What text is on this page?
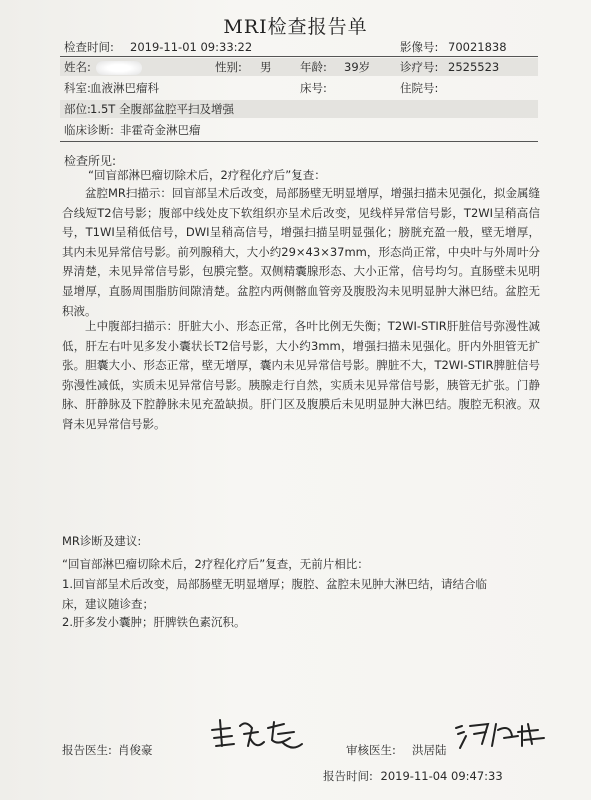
MRI检查报告单
检查时间: 2019-11-01 09:33:22	影像号: 70021838
姓名:	性别: 男 年龄: 39岁	诊疗号: 2525523
科室: 血液淋巴瘤科	床号:	住院号:
部位: 1.5T 全腹部盆腔平扫及增强
临床诊断: 非霍奇金淋巴瘤
检查所见:
“回盲部淋巴瘤切除术后，2疗程化疗后”复查：

盆腔MR扫描示：回盲部呈术后改变，局部肠壁无明显增厚，增强扫描未见强化，拟金属缝合线短T2信号影；腹部中线处皮下软组织亦呈术后改变，见线样异常信号影，T2WI呈稍高信号，T1WI呈稍低信号，DWI呈稍高信号，增强扫描呈明显强化；膀胱充盈一般，壁无增厚，其内未见异常信号影。前列腺稍大，大小约29×43×37mm，形态尚正常，中央叶与外周叶分界清楚，未见异常信号影，包膜完整。双侧精囊腺形态、大小正常，信号均匀。直肠壁未见明显增厚，直肠周围脂肪间隙清楚。盆腔内两侧髂血管旁及腹股沟未见明显肿大淋巴结。盆腔无积液。

上中腹部扫描示：肝脏大小、形态正常，各叶比例无失衡；T2WI-STIR肝脏信号弥漫性减低，肝左右叶见多发小囊状长T2信号影，大小约3mm，增强扫描未见强化。肝内外胆管无扩张。胆囊大小、形态正常，壁无增厚，囊内未见异常信号影。脾脏不大，T2WI-STIR脾脏信号弥漫性减低，实质未见异常信号影。胰腺走行自然，实质未见异常信号影，胰管无扩张。门静脉、肝静脉及下腔静脉未见充盈缺损。肝门区及腹膜后未见明显肿大淋巴结。腹腔无积液。双肾未见异常信号影。

MR诊断及建议:
“回盲部淋巴瘤切除术后，2疗程化疗后”复查，无前片相比：
1.回盲部呈术后改变，局部肠壁无明显增厚；腹腔、盆腔未见肿大淋巴结，请结合临
床，建议随诊查；
2.肝多发小囊肿；肝脾铁色素沉积。
报告医生: 肖俊豪	审核医生: 洪居陆
报告时间: 2019-11-04 09:47:33
